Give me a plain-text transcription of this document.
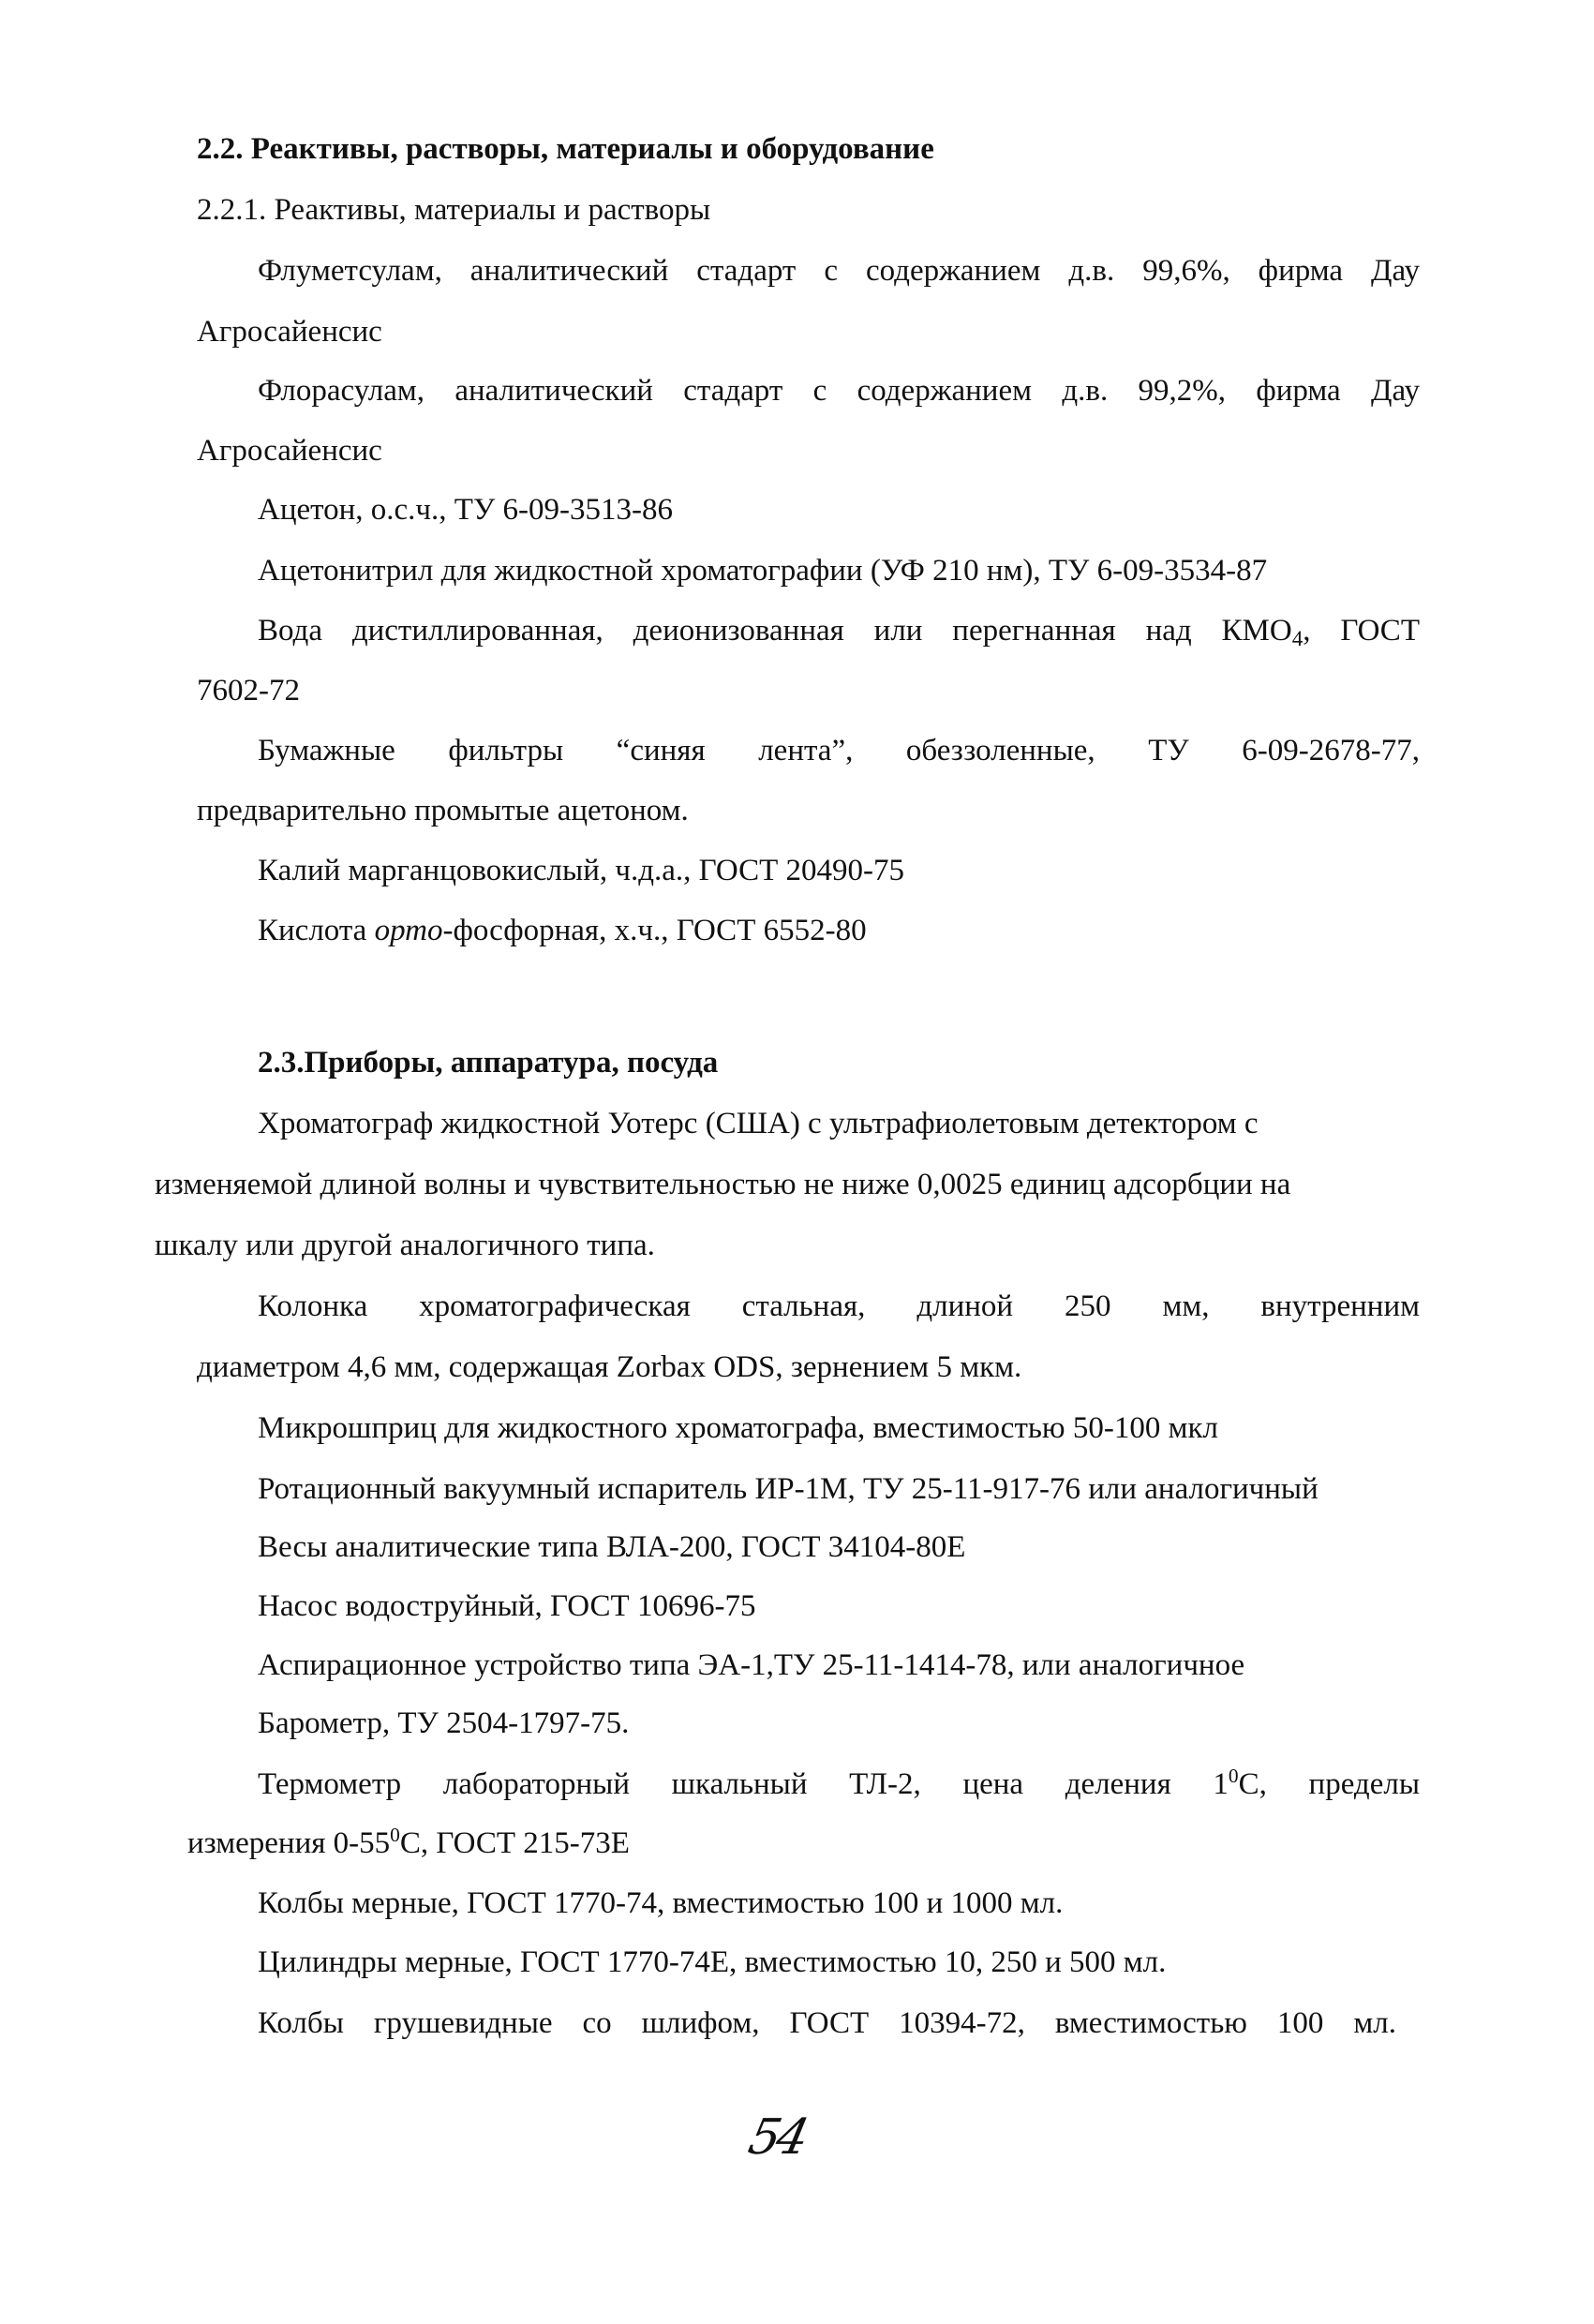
2.2. Реактивы, растворы, материалы и оборудование
2.2.1. Реактивы, материалы и растворы
Флуметсулам, аналитический стадарт с содержанием д.в. 99,6%, фирма Дау
Агросайенсис
Флорасулам, аналитический стадарт с содержанием д.в. 99,2%, фирма Дау
Агросайенсис
Ацетон, о.с.ч., ТУ 6-09-3513-86
Ацетонитрил для жидкостной хроматографии (УФ 210 нм), ТУ 6-09-3534-87
Вода дистиллированная, деионизованная или перегнанная над $КМО_4$, ГОСТ
7602-72
Бумажные фильтры “синяя лента”, обеззоленные, ТУ 6-09-2678-77,
предварительно промытые ацетоном.
Калий марганцовокислый, ч.д.а., ГОСТ 20490-75
Кислота орто-фосфорная, х.ч., ГОСТ 6552-80
2.3.Приборы, аппаратура, посуда
Хроматограф жидкостной Уотерс (США) с ультрафиолетовым детектором с
изменяемой длиной волны и чувствительностью не ниже 0,0025 единиц адсорбции на
шкалу или другой аналогичного типа.
Колонка хроматографическая стальная, длиной 250 мм, внутренним
диаметром 4,6 мм, содержащая Zorbax ODS, зернением 5 мкм.
Микрошприц для жидкостного хроматографа, вместимостью 50-100 мкл
Ротационный вакуумный испаритель ИР-1М, ТУ 25-11-917-76 или аналогичный
Весы аналитические типа ВЛА-200, ГОСТ 34104-80Е
Насос водоструйный, ГОСТ 10696-75
Аспирационное устройство типа ЭА-1,ТУ 25-11-1414-78, или аналогичное
Барометр, ТУ 2504-1797-75.
Термометр лабораторный шкальный ТЛ-2, цена деления $1^0С$, пределы
измерения $0-55^0С$, ГОСТ 215-73Е
Колбы мерные, ГОСТ 1770-74, вместимостью 100 и 1000 мл.
Цилиндры мерные, ГОСТ 1770-74Е, вместимостью 10, 250 и 500 мл.
Колбы грушевидные со шлифом, ГОСТ 10394-72, вместимостью 100 мл.
54
